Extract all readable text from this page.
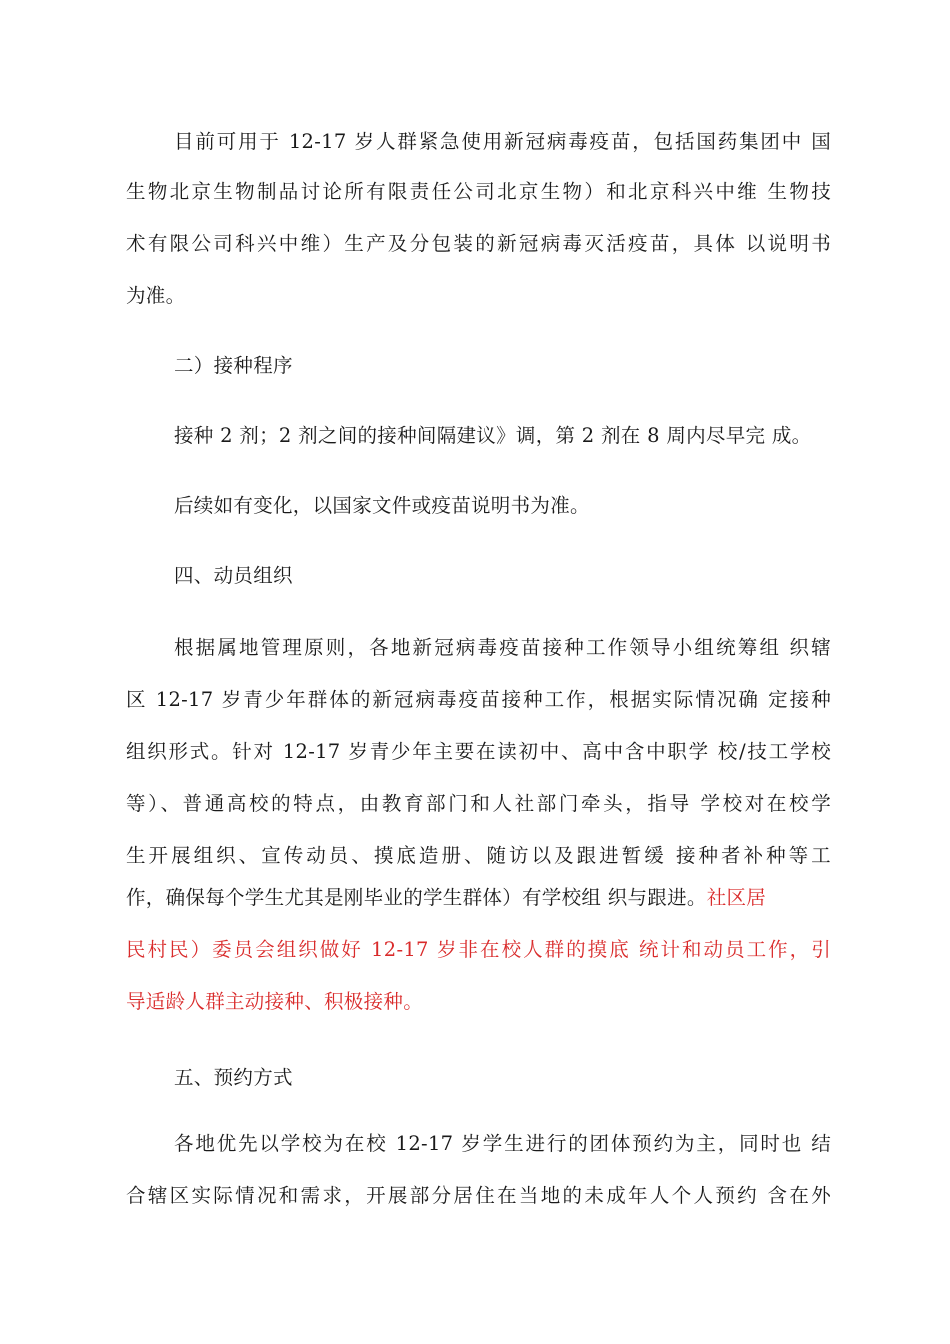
目前可用于 12-17 岁人群紧急使用新冠病毒疫苗，包括国药集团中 国
生物北京生物制品讨论所有限责任公司北京生物）和北京科兴中维 生物技
术有限公司科兴中维）生产及分包装的新冠病毒灭活疫苗，具体 以说明书
为准。
二）接种程序
接种 2 剂；2 剂之间的接种间隔建议》调，第 2 剂在 8 周内尽早完 成。
后续如有变化，以国家文件或疫苗说明书为准。
四、动员组织
根据属地管理原则，各地新冠病毒疫苗接种工作领导小组统筹组 织辖
区 12-17 岁青少年群体的新冠病毒疫苗接种工作，根据实际情况确 定接种
组织形式。针对 12-17 岁青少年主要在读初中、高中含中职学 校/技工学校
等）、普通高校的特点，由教育部门和人社部门牵头，指导 学校对在校学
生开展组织、宣传动员、摸底造册、随访以及跟进暂缓 接种者补种等工
作，确保每个学生尤其是刚毕业的学生群体）有学校组 织与跟进。社区居
民村民）委员会组织做好 12-17 岁非在校人群的摸底 统计和动员工作，引
导适龄人群主动接种、积极接种。
五、预约方式
各地优先以学校为在校 12-17 岁学生进行的团体预约为主，同时也 结
合辖区实际情况和需求，开展部分居住在当地的未成年人个人预约 含在外
